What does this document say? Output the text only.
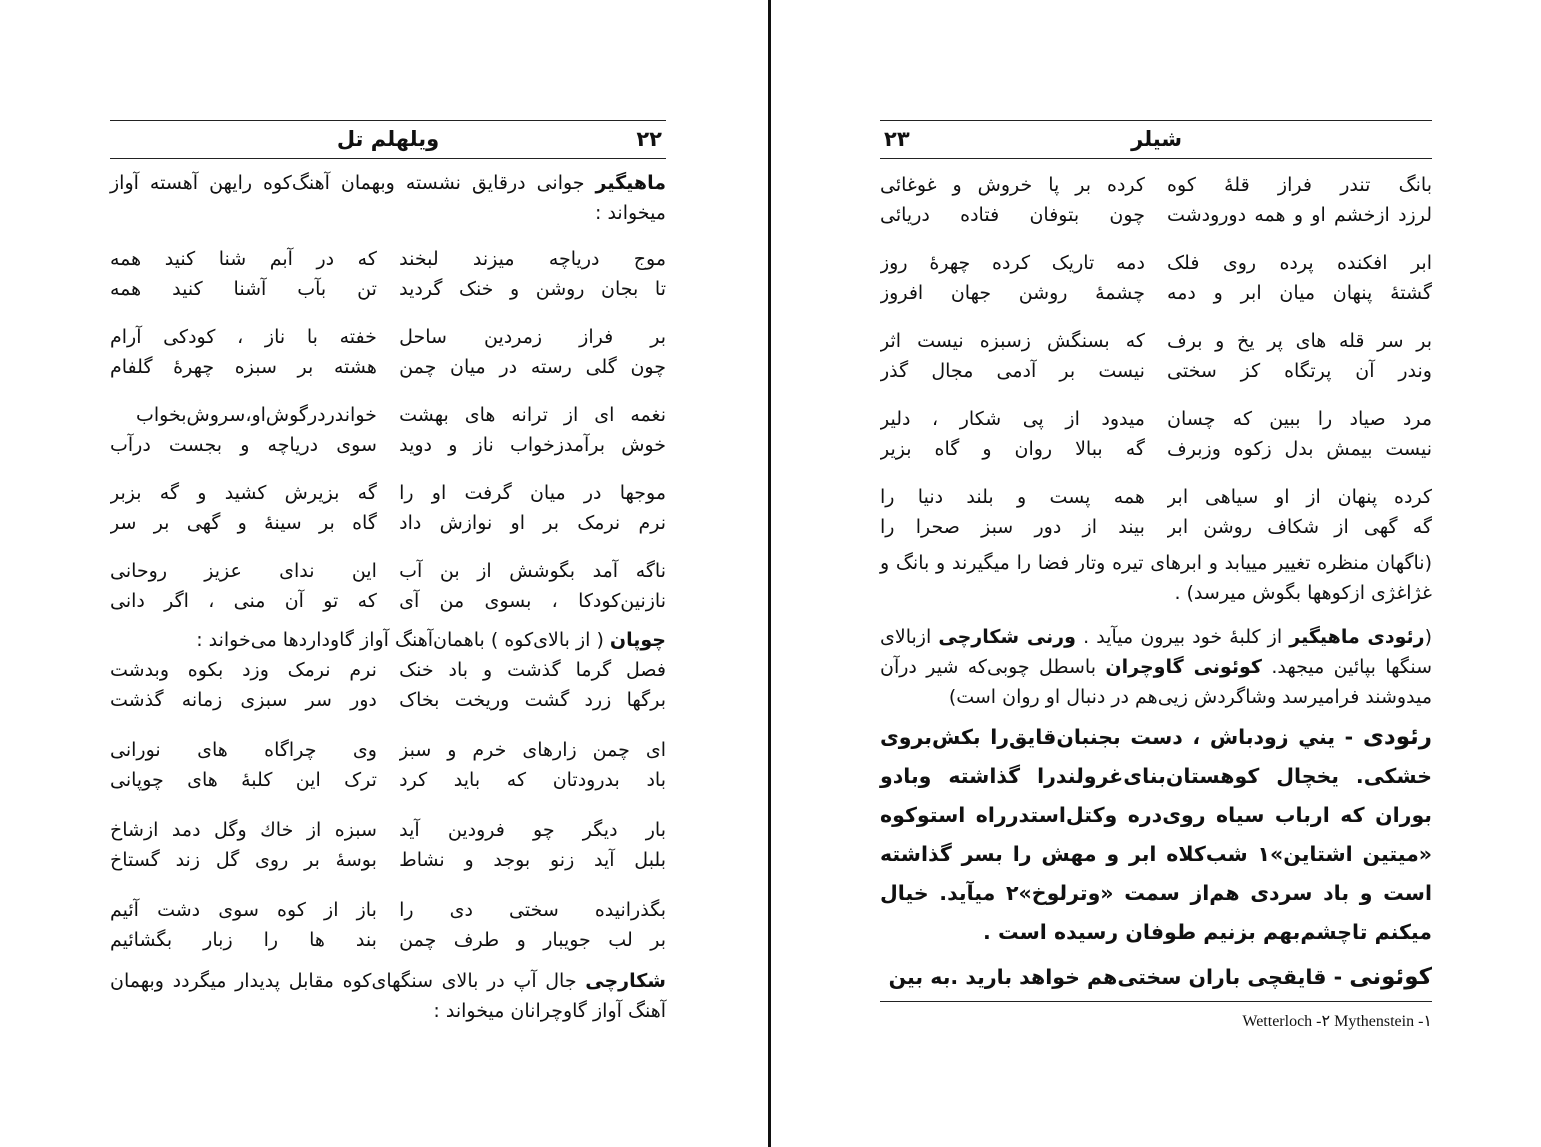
ویلهلم تل	۲۲
ماهیگیر جوانی درقایق نشسته وبهمان آهنگ‌کوه رایهن آهسته آواز میخواند :
موج دریاچه میزند لبخند
که در آبم شنا کنید همه
تا بجان روشن و خنک گردید
تن بآب آشنا کنید همه
بر فراز زمردین ساحل
خفته با ناز ، کودکی آرام
چون گلی رسته در میان چمن
هشته بر سبزه چهرهٔ گلفام
نغمه ای از ترانه های بهشت
خواندردرگوش‌او،سروش‌بخواب
خوش برآمدزخواب ناز و دوید
سوی دریاچه و بجست درآب
موجها در میان گرفت او را
گه بزیرش کشید و گه بزبر
نرم نرمک بر او نوازش داد
گاه بر سینهٔ و گهی بر سر
ناگه آمد بگوشش از بن آب
این ندای عزیز روحانی
نازنین‌کودکا ، بسوی من آی
که تو آن منی ، اگر دانی
چوپان ( از بالای‌کوه ) باهمان‌آهنگ آواز گاوداردها می‌خواند :
فصل گرما گذشت و باد خنک
نرم نرمک وزد بکوه وبدشت
برگها زرد گشت وریخت بخاک
دور سر سبزی زمانه گذشت
ای چمن زارهای خرم و سبز
وی چراگاه های نورانی
باد بدرودتان که باید کرد
ترک این کلبهٔ های چوپانی
بار دیگر چو فرودین آید
سبزه از خاك وگل دمد ازشاخ
بلبل آید زنو بوجد و نشاط
بوسهٔ بر روی گل زند گستاخ
بگذرانیده سختی دی را
باز از کوه سوی دشت آئیم
بر لب جویبار و طرف چمن
بند ها را زبار بگشائیم
شکارچی جال آپ در بالای سنگهای‌کوه مقابل پدیدار میگردد وبهمان آهنگ آواز گاوچرانان میخواند :
شیلر
۲۳
بانگ تندر فراز قلهٔ کوه
کرده بر پا خروش و غوغائی
لرزد ازخشم او و همه دورودشت
چون بتوفان فتاده دریائی
ابر افکنده پرده روی فلک
دمه تاریک کرده چهرهٔ روز
گشتهٔ پنهان میان ابر و دمه
چشمهٔ روشن جهان افروز
بر سر قله های پر یخ و برف
که بسنگش زسبزه نیست اثر
وندر آن پرتگاه کز سختی
نیست بر آدمی مجال گذر
مرد صیاد را ببین که چسان
میدود از پی شکار ، دلیر
نیست بیمش بدل زکوه وزبرف
گه ببالا روان و گاه بزیر
کرده پنهان از او سیاهی ابر
همه پست و بلند دنیا را
گه گهی از شکاف روشن ابر
بیند از دور سبز صحرا را
(ناگهان منظره تغییر مییابد و ابرهای تیره وتار فضا را میگیرند و بانگ و غژاغژی ازکوهها بگوش میرسد) .
(رئودی ماهیگیر از کلبهٔ خود بیرون میآید . ورنی شکارچی ازبالای سنگها بپائین میجهد. کوئونی گاوچران باسطل چوبی‌که شیر درآن میدوشند فرامیرسد وشاگردش زیی‌هم در دنبال او روان است)
رئودی - یني زودباش ، دست بجنبان‌قایق‌را بکش‌بروی خشکی. یخچال کوهستان‌بنای‌غرولندرا گذاشته وبادو بوران که ارباب سیاه روی‌دره وکتل‌استدرراه استوکوه «میتین اشتاین»۱ شب‌کلاه ابر و مهش را بسر گذاشته است و باد سردی هم‌از سمت «وترلوخ»۲ میآید. خیال میکنم تاچشم‌بهم بزنیم طوفان رسیده است .
کوئونی - قایقچی باران سختی‌هم خواهد بارید .به بین
Wetterloch -۲ Mythenstein -۱
